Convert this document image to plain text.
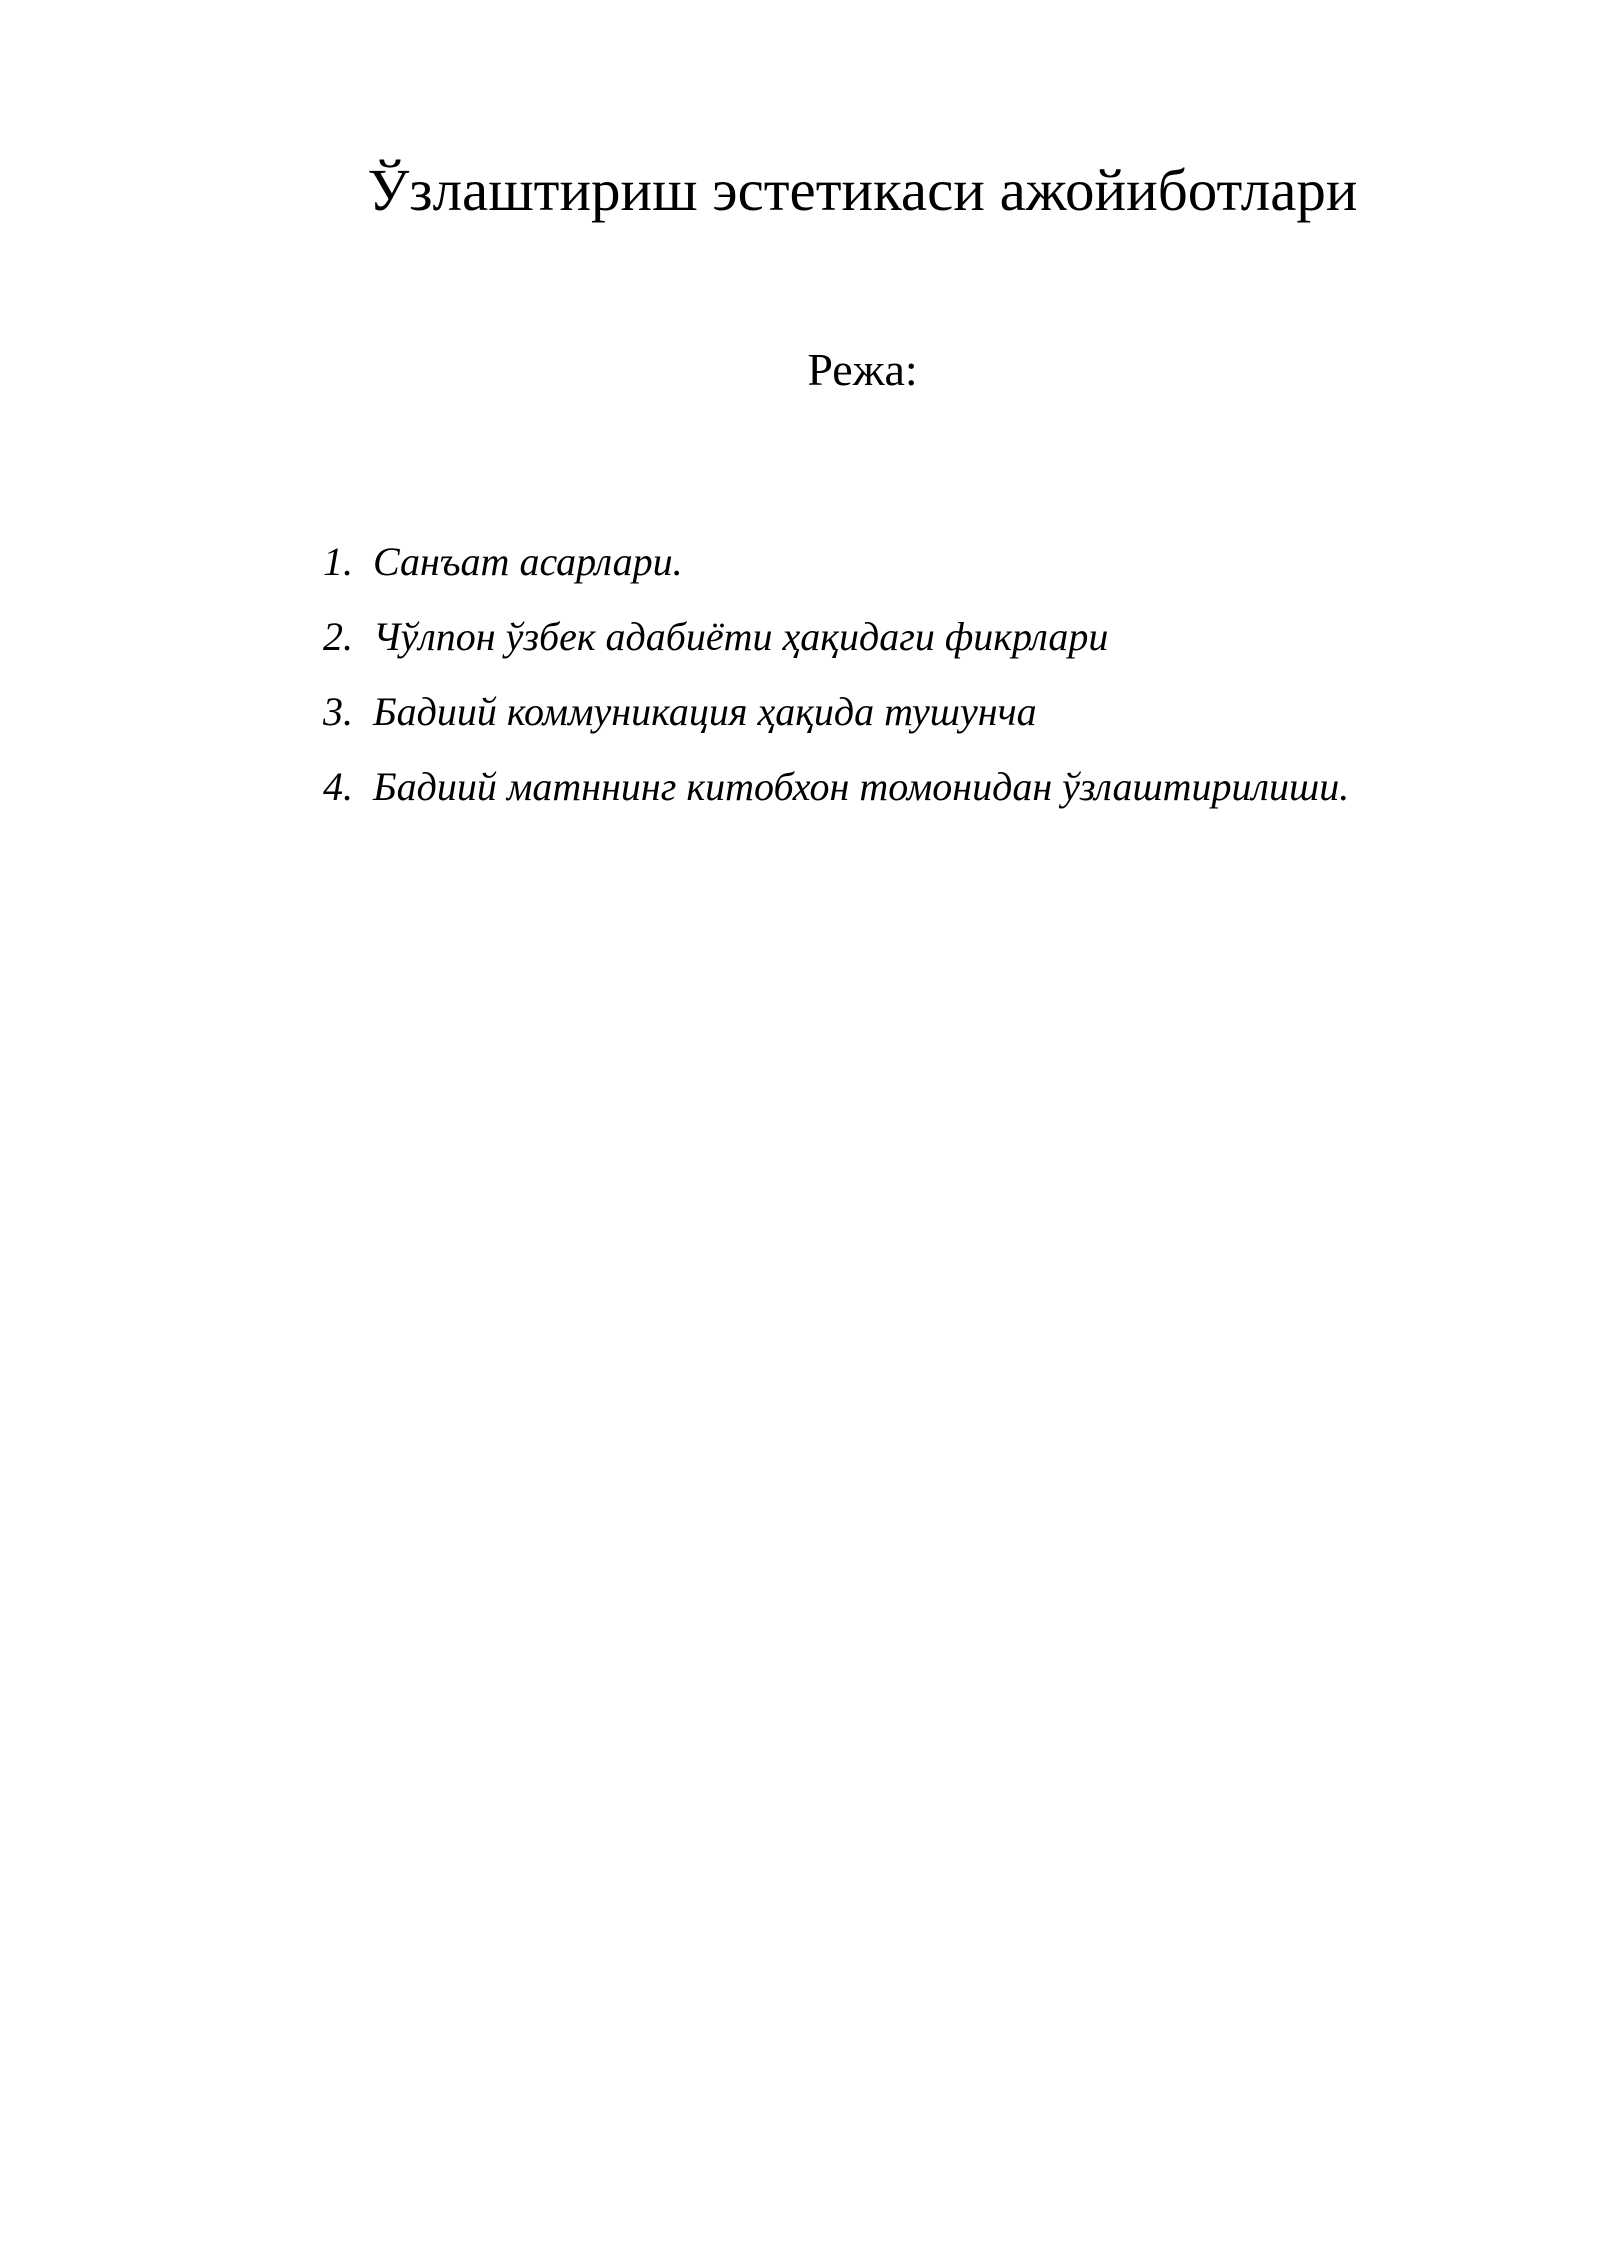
Ўзлаштириш эстетикаси ажойиботлари
Режа:
1. Санъат асарлари.
2. Чўлпон ўзбек адабиёти ҳақидаги фикрлари
3. Бадиий коммуникация ҳақида тушунча
4. Бадиий матннинг китобхон томонидан ўзлаштирилиши.
